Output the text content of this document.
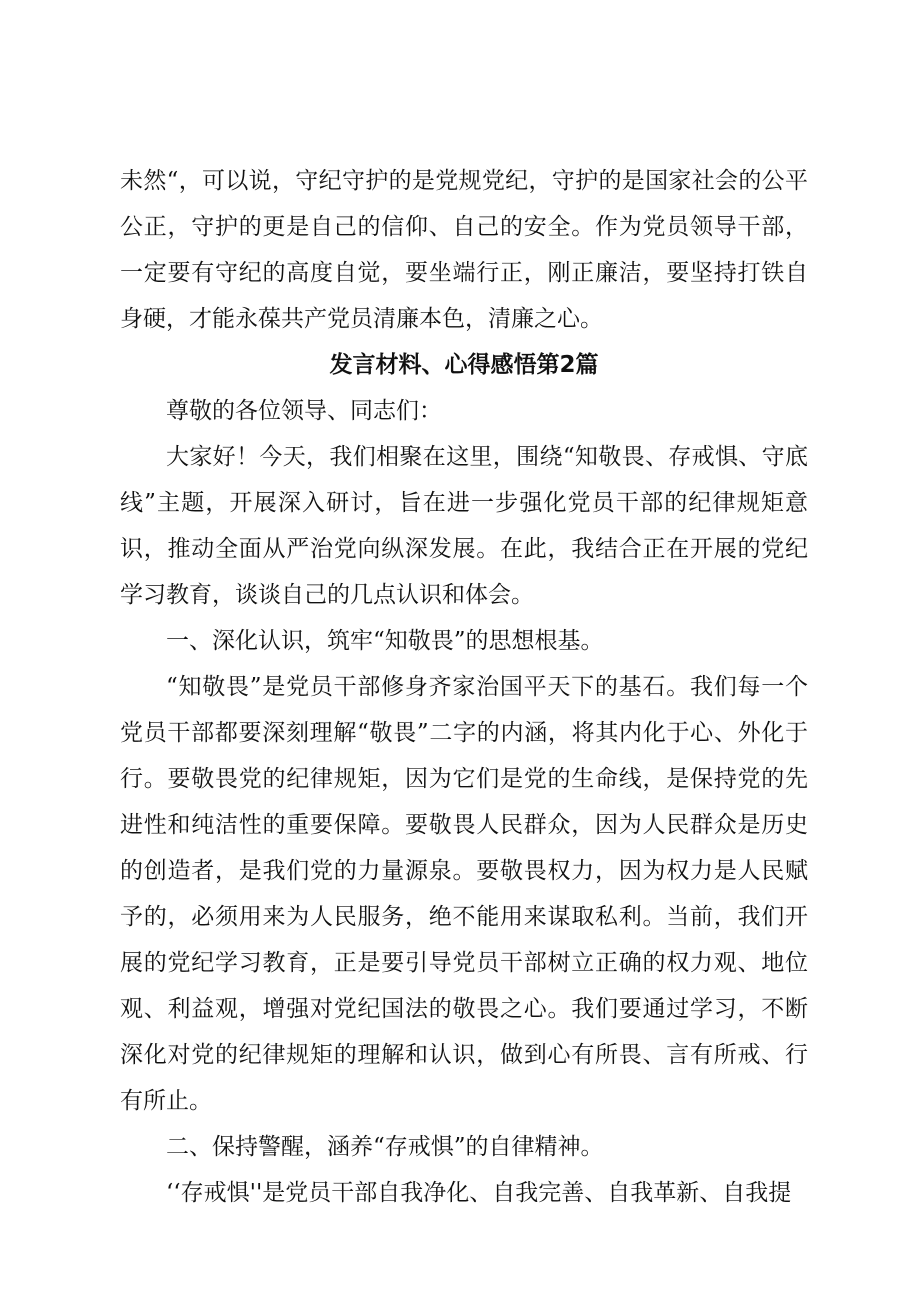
未然“，可以说，守纪守护的是党规党纪，守护的是国家社会的公平公正，守护的更是自己的信仰、自己的安全。作为党员领导干部，一定要有守纪的高度自觉，要坐端行正，刚正廉洁，要坚持打铁自身硬，才能永葆共产党员清廉本色，清廉之心。

发言材料、心得感悟第2篇

尊敬的各位领导、同志们：

大家好！今天，我们相聚在这里，围绕“知敬畏、存戒惧、守底线”主题，开展深入研讨，旨在进一步强化党员干部的纪律规矩意识，推动全面从严治党向纵深发展。在此，我结合正在开展的党纪学习教育，谈谈自己的几点认识和体会。

一、深化认识，筑牢“知敬畏”的思想根基。

“知敬畏”是党员干部修身齐家治国平天下的基石。我们每一个党员干部都要深刻理解“敬畏”二字的内涵，将其内化于心、外化于行。要敬畏党的纪律规矩，因为它们是党的生命线，是保持党的先进性和纯洁性的重要保障。要敬畏人民群众，因为人民群众是历史的创造者，是我们党的力量源泉。要敬畏权力，因为权力是人民赋予的，必须用来为人民服务，绝不能用来谋取私利。当前，我们开展的党纪学习教育，正是要引导党员干部树立正确的权力观、地位观、利益观，增强对党纪国法的敬畏之心。我们要通过学习，不断深化对党的纪律规矩的理解和认识，做到心有所畏、言有所戒、行有所止。

二、保持警醒，涵养“存戒惧”的自律精神。

‘‘存戒惧''是党员干部自我净化、自我完善、自我革新、自我提
